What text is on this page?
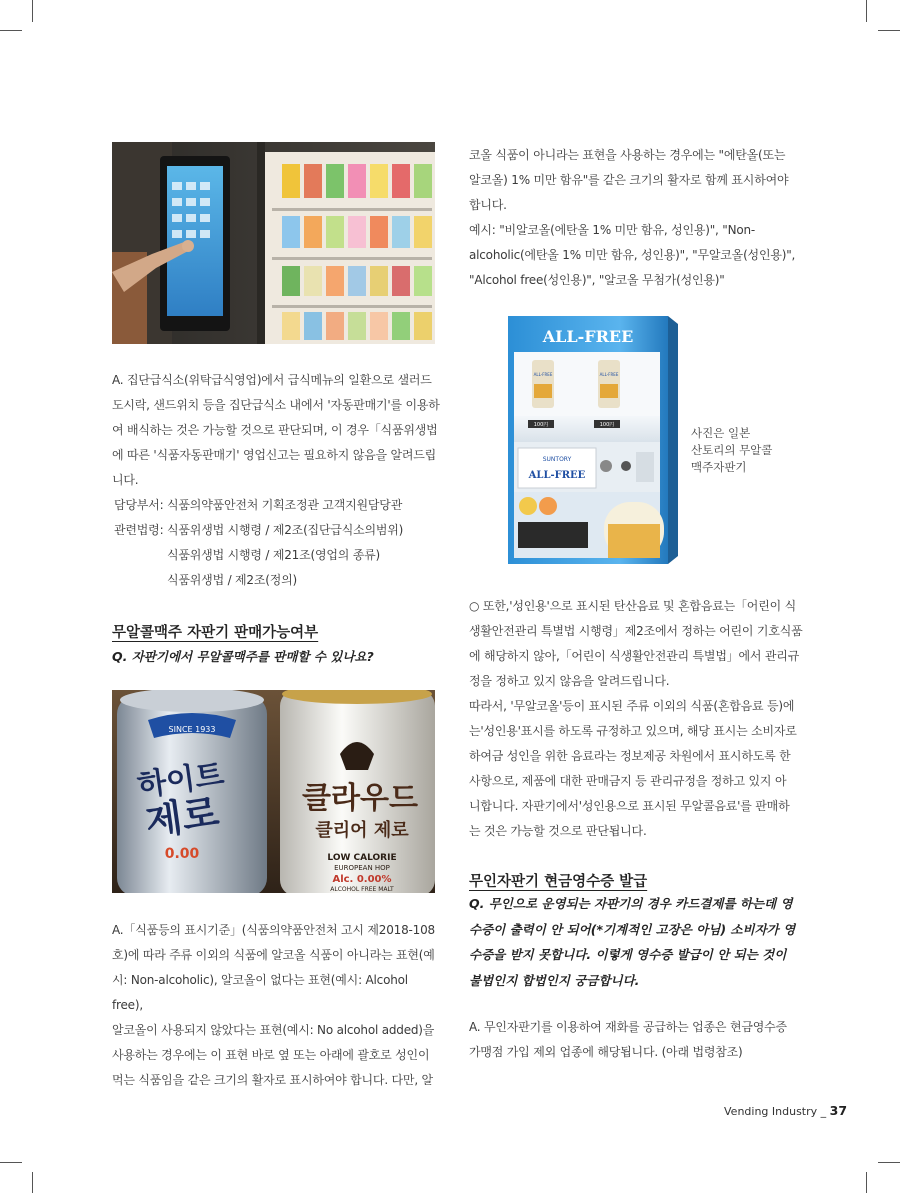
A. 집단급식소(위탁급식영업)에서 급식메뉴의 일환으로 샐러드

도시락, 샌드위치 등을 집단급식소 내에서 '자동판매기'를 이용하

여 배식하는 것은 가능할 것으로 판단되며, 이 경우「식품위생법

에 따른 '식품자동판매기' 영업신고는 필요하지 않음을 알려드립

니다.

담당부서: 식품의약품안전처 기획조정관 고객지원담당관

관련법령: 식품위생법 시행령 / 제2조(집단급식소의범위)

식품위생법 시행령 / 제21조(영업의 종류)

식품위생법 / 제2조(정의)

무알콜맥주 자판기 판매가능여부
Q. 자판기에서 무알콜맥주를 판매할 수 있나요?
SINCE 1933
하이트
제로
0.00
클라우드
클리어 제로
LOW CALORIE
EUROPEAN HOP
Alc. 0.00%
ALCOHOL FREE MALT

A.「식품등의 표시기준」(식품의약품안전처 고시 제2018-108

호)에 따라 주류 이외의 식품에 알코올 식품이 아니라는 표현(예

시: Non-alcoholic), 알코올이 없다는 표현(예시: Alcohol free),

알코올이 사용되지 않았다는 표현(예시: No alcohol added)을

사용하는 경우에는 이 표현 바로 옆 또는 아래에 괄호로 성인이

먹는 식품임을 같은 크기의 활자로 표시하여야 합니다. 다만, 알

코올 식품이 아니라는 표현을 사용하는 경우에는 "에탄올(또는

알코올) 1% 미만 함유"를 같은 크기의 활자로 함께 표시하여야

합니다.

예시: "비알코올(에탄올 1% 미만 함유, 성인용)", "Non-

alcoholic(에탄올 1% 미만 함유, 성인용)", "무알코올(성인용)",

"Alcohol free(성인용)", "알코올 무첨가(성인용)"

ALL-FREE
ALL-FREE	ALL-FREE
100円	100円
SUNTORY
ALL-FREE
사진은 일본
산토리의 무알콜
맥주자판기

○ 또한,'성인용'으로 표시된 탄산음료 및 혼합음료는「어린이 식

생활안전관리 특별법 시행령」제2조에서 정하는 어린이 기호식품

에 해당하지 않아,「어린이 식생활안전관리 특별법」에서 관리규

정을 정하고 있지 않음을 알려드립니다.

따라서, '무알코올'등이 표시된 주류 이외의 식품(혼합음료 등)에

는'성인용'표시를 하도록 규정하고 있으며, 해당 표시는 소비자로

하여금 성인을 위한 음료라는 정보제공 차원에서 표시하도록 한

사항으로, 제품에 대한 판매금지 등 관리규정을 정하고 있지 아

니합니다. 자판기에서'성인용으로 표시된 무알콜음료'를 판매하

는 것은 가능할 것으로 판단됩니다.

무인자판기 현금영수증 발급
Q. 무인으로 운영되는 자판기의 경우 카드결제를 하는데 영
수증이 출력이 안 되어(*기계적인 고장은 아님) 소비자가 영
수증을 받지 못합니다. 이렇게 영수증 발급이 안 되는 것이
불법인지 합법인지 궁금합니다.

A. 무인자판기를 이용하여 재화를 공급하는 업종은 현금영수증

가맹점 가입 제외 업종에 해당됩니다. (아래 법령참조)

Vending Industry _ 37
